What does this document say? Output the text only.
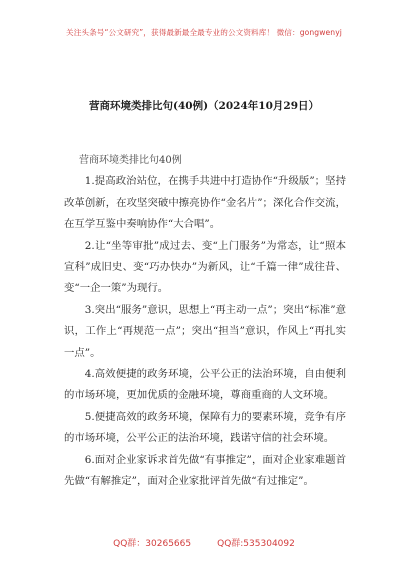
关注头条号“公文研究”，获得最新最全最专业的公文资料库！ 微信：gongwenyj
营商环境类排比句(40例)（2024年10月29日）

营商环境类排比句40例

1.提高政治站位，在携手共进中打造协作“升级版”；坚持改革创新，在攻坚突破中擦亮协作“金名片”；深化合作交流，在互学互鉴中奏响协作“大合唱”。

2.让“坐等审批”成过去、变“上门服务”为常态，让“照本宣科”成旧史、变“巧办快办”为新风，让“千篇一律”成往昔、变“一企一策”为现行。

3.突出“服务”意识，思想上“再主动一点”；突出“标准”意识，工作上“再规范一点”；突出“担当”意识，作风上“再扎实一点”。

4.高效便捷的政务环境，公平公正的法治环境，自由便利的市场环境，更加优质的金融环境，尊商重商的人文环境。

5.便捷高效的政务环境，保障有力的要素环境，竞争有序的市场环境，公平公正的法治环境，践诺守信的社会环境。

6.面对企业家诉求首先做“有事推定”，面对企业家难题首先做“有解推定”，面对企业家批评首先做“有过推定”。

QQ群：30265665	QQ群:535304092
